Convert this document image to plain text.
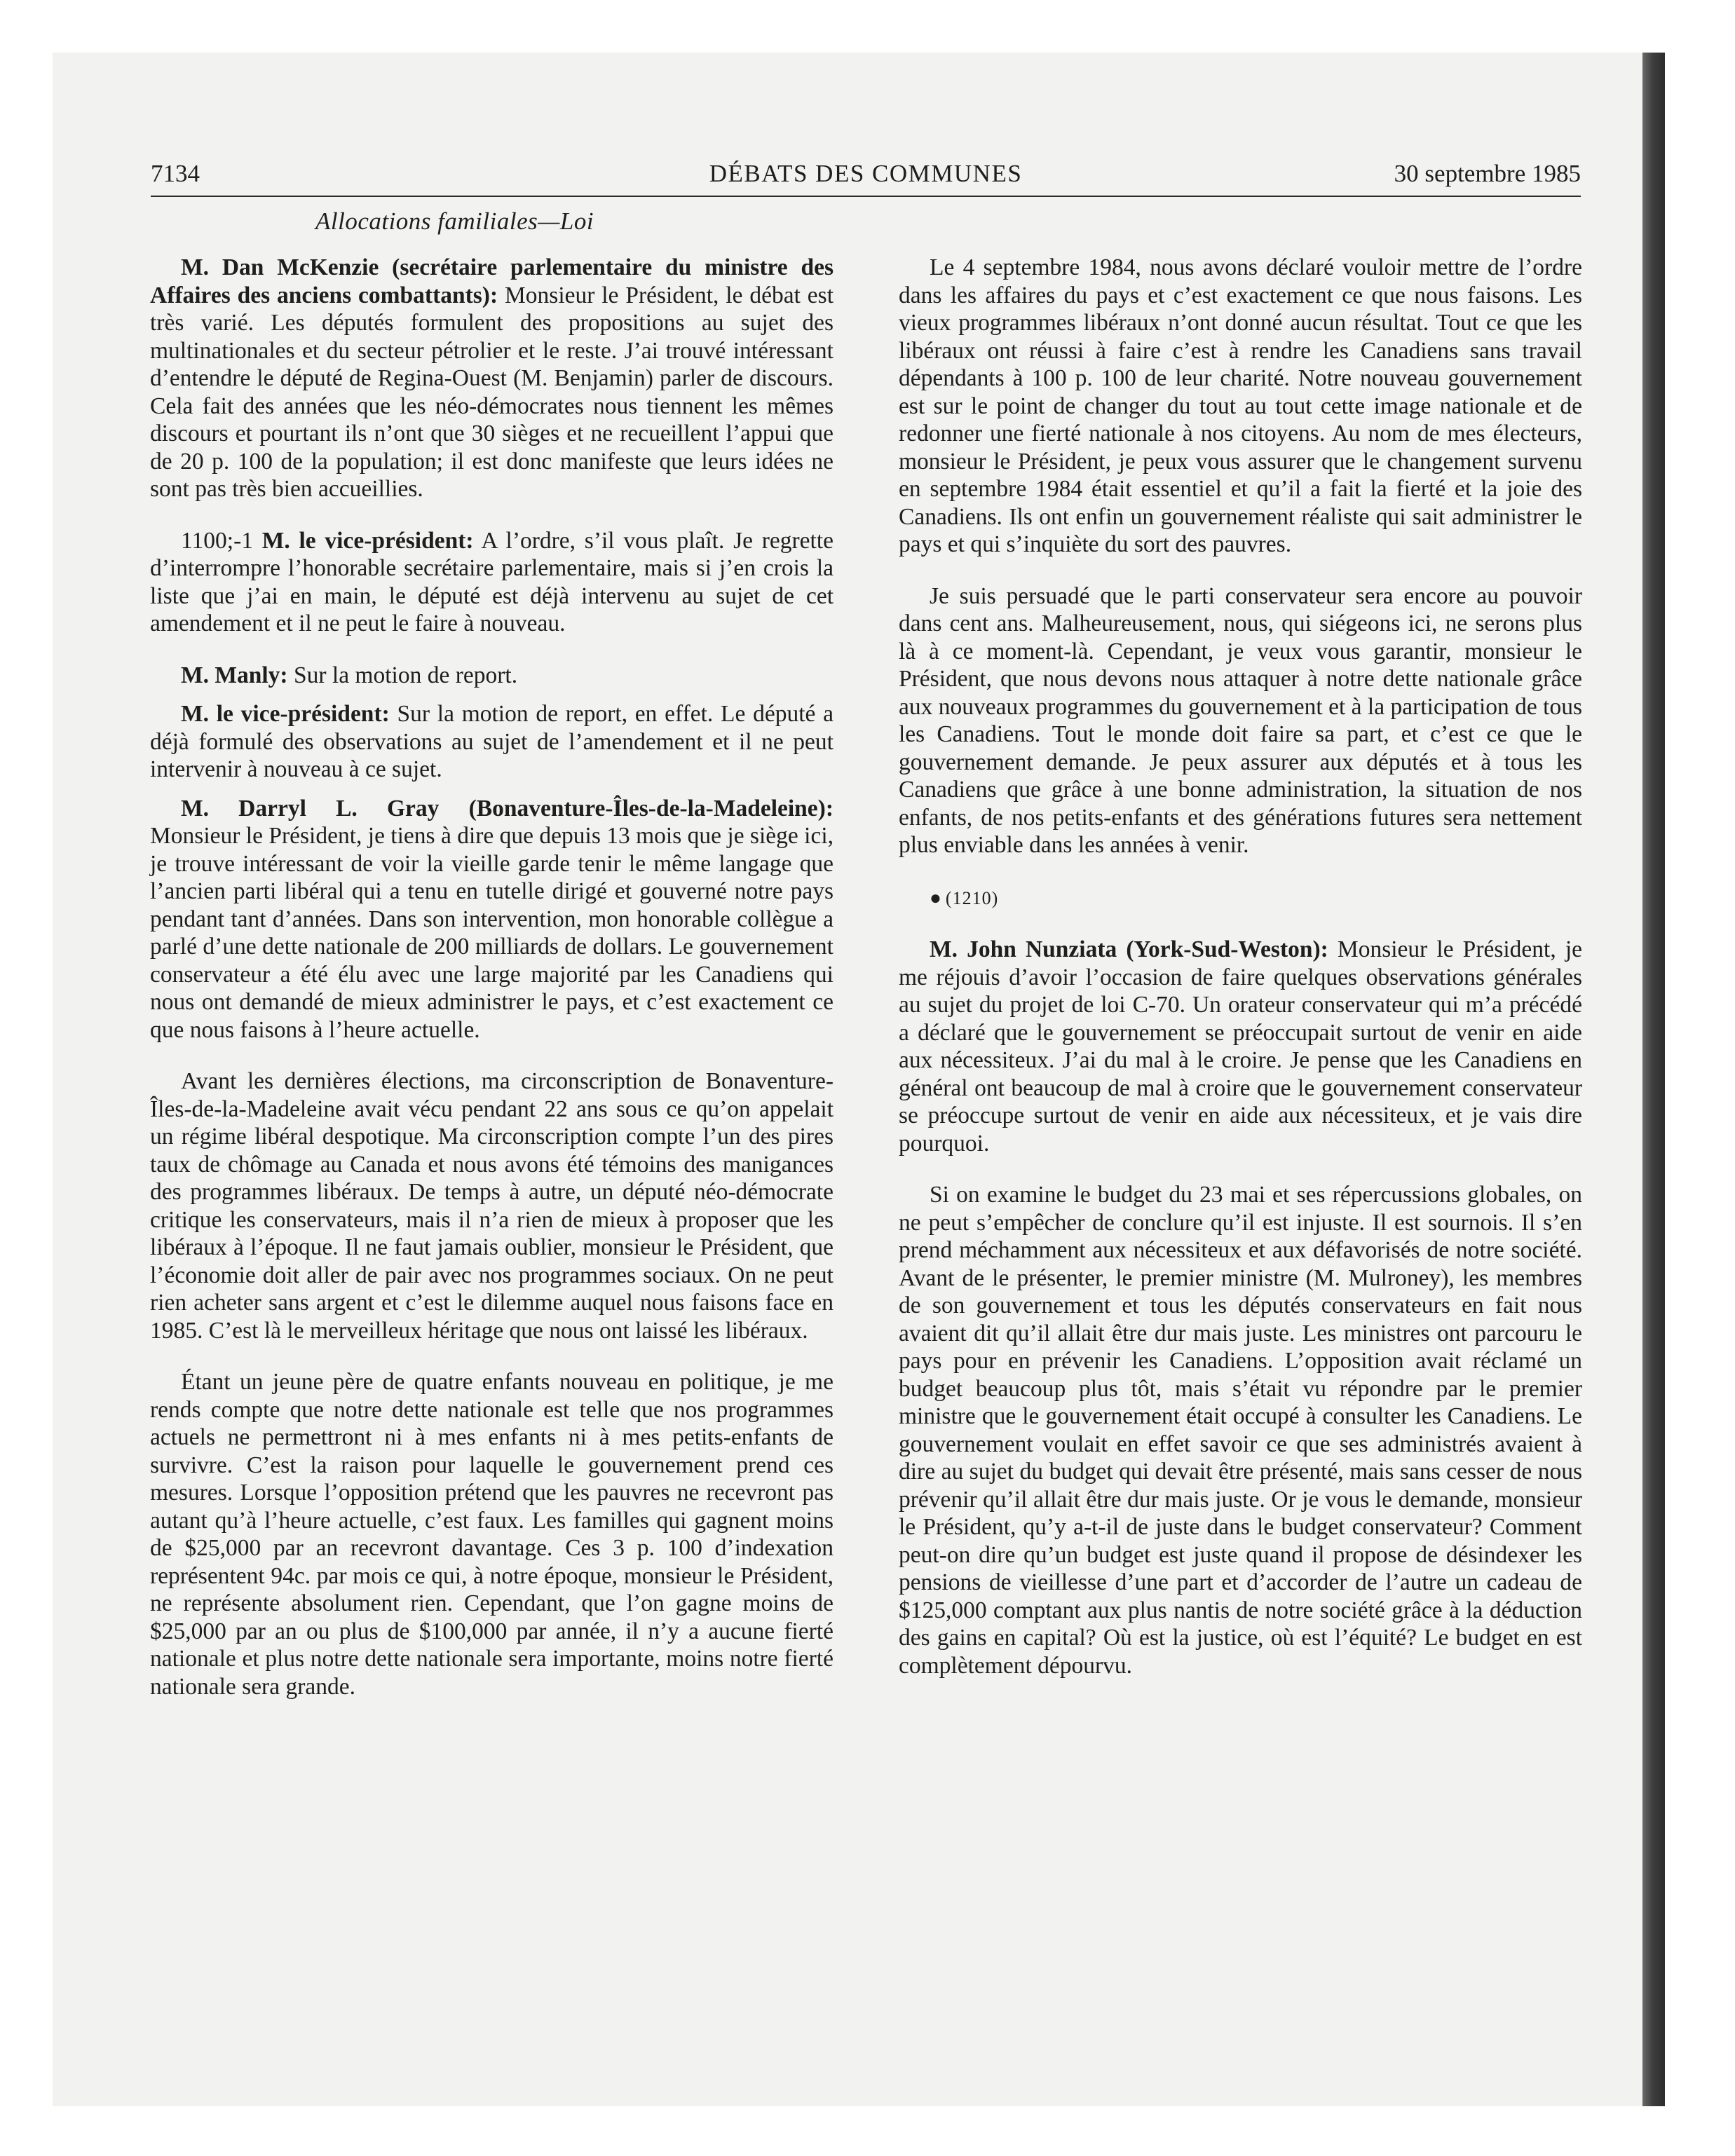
7134	DÉBATS DES COMMUNES	30 septembre 1985
Allocations familiales—Loi

M. Dan McKenzie (secrétaire parlementaire du ministre des Affaires des anciens combattants): Monsieur le Président, le débat est très varié. Les députés formulent des propositions au sujet des multinationales et du secteur pétrolier et le reste. J’ai trouvé intéressant d’entendre le député de Regina-Ouest (M. Benjamin) parler de discours. Cela fait des années que les néo-démocrates nous tiennent les mêmes discours et pourtant ils n’ont que 30 sièges et ne recueillent l’appui que de 20 p. 100 de la population; il est donc manifeste que leurs idées ne sont pas très bien accueillies.

1100;-1 M. le vice-président: A l’ordre, s’il vous plaît. Je regrette d’interrompre l’honorable secrétaire parlementaire, mais si j’en crois la liste que j’ai en main, le député est déjà intervenu au sujet de cet amendement et il ne peut le faire à nouveau.

M. Manly: Sur la motion de report.

M. le vice-président: Sur la motion de report, en effet. Le député a déjà formulé des observations au sujet de l’amendement et il ne peut intervenir à nouveau à ce sujet.

M. Darryl L. Gray (Bonaventure-Îles-de-la-Madeleine): Monsieur le Président, je tiens à dire que depuis 13 mois que je siège ici, je trouve intéressant de voir la vieille garde tenir le même langage que l’ancien parti libéral qui a tenu en tutelle dirigé et gouverné notre pays pendant tant d’années. Dans son intervention, mon honorable collègue a parlé d’une dette nationale de 200 milliards de dollars. Le gouvernement conservateur a été élu avec une large majorité par les Canadiens qui nous ont demandé de mieux administrer le pays, et c’est exactement ce que nous faisons à l’heure actuelle.

Avant les dernières élections, ma circonscription de Bonaventure-Îles-de-la-Madeleine avait vécu pendant 22 ans sous ce qu’on appelait un régime libéral despotique. Ma circonscription compte l’un des pires taux de chômage au Canada et nous avons été témoins des manigances des programmes libéraux. De temps à autre, un député néo-démocrate critique les conservateurs, mais il n’a rien de mieux à proposer que les libéraux à l’époque. Il ne faut jamais oublier, monsieur le Président, que l’économie doit aller de pair avec nos programmes sociaux. On ne peut rien acheter sans argent et c’est le dilemme auquel nous faisons face en 1985. C’est là le merveilleux héritage que nous ont laissé les libéraux.

Étant un jeune père de quatre enfants nouveau en politique, je me rends compte que notre dette nationale est telle que nos programmes actuels ne permettront ni à mes enfants ni à mes petits-enfants de survivre. C’est la raison pour laquelle le gouvernement prend ces mesures. Lorsque l’opposition prétend que les pauvres ne recevront pas autant qu’à l’heure actuelle, c’est faux. Les familles qui gagnent moins de $25,000 par an recevront davantage. Ces 3 p. 100 d’indexation représentent 94c. par mois ce qui, à notre époque, monsieur le Président, ne représente absolument rien. Cependant, que l’on gagne moins de $25,000 par an ou plus de $100,000 par année, il n’y a aucune fierté nationale et plus notre dette nationale sera importante, moins notre fierté nationale sera grande.

Le 4 septembre 1984, nous avons déclaré vouloir mettre de l’ordre dans les affaires du pays et c’est exactement ce que nous faisons. Les vieux programmes libéraux n’ont donné aucun résultat. Tout ce que les libéraux ont réussi à faire c’est à rendre les Canadiens sans travail dépendants à 100 p. 100 de leur charité. Notre nouveau gouvernement est sur le point de changer du tout au tout cette image nationale et de redonner une fierté nationale à nos citoyens. Au nom de mes électeurs, monsieur le Président, je peux vous assurer que le changement survenu en septembre 1984 était essentiel et qu’il a fait la fierté et la joie des Canadiens. Ils ont enfin un gouvernement réaliste qui sait administrer le pays et qui s’inquiète du sort des pauvres.

Je suis persuadé que le parti conservateur sera encore au pouvoir dans cent ans. Malheureusement, nous, qui siégeons ici, ne serons plus là à ce moment-là. Cependant, je veux vous garantir, monsieur le Président, que nous devons nous attaquer à notre dette nationale grâce aux nouveaux programmes du gouvernement et à la participation de tous les Canadiens. Tout le monde doit faire sa part, et c’est ce que le gouvernement demande. Je peux assurer aux députés et à tous les Canadiens que grâce à une bonne administration, la situation de nos enfants, de nos petits-enfants et des générations futures sera nettement plus enviable dans les années à venir.

● (1210)

M. John Nunziata (York-Sud-Weston): Monsieur le Président, je me réjouis d’avoir l’occasion de faire quelques observations générales au sujet du projet de loi C-70. Un orateur conservateur qui m’a précédé a déclaré que le gouvernement se préoccupait surtout de venir en aide aux nécessiteux. J’ai du mal à le croire. Je pense que les Canadiens en général ont beaucoup de mal à croire que le gouvernement conservateur se préoccupe surtout de venir en aide aux nécessiteux, et je vais dire pourquoi.

Si on examine le budget du 23 mai et ses répercussions globales, on ne peut s’empêcher de conclure qu’il est injuste. Il est sournois. Il s’en prend méchamment aux nécessiteux et aux défavorisés de notre société. Avant de le présenter, le premier ministre (M. Mulroney), les membres de son gouvernement et tous les députés conservateurs en fait nous avaient dit qu’il allait être dur mais juste. Les ministres ont parcouru le pays pour en prévenir les Canadiens. L’opposition avait réclamé un budget beaucoup plus tôt, mais s’était vu répondre par le premier ministre que le gouvernement était occupé à consulter les Canadiens. Le gouvernement voulait en effet savoir ce que ses administrés avaient à dire au sujet du budget qui devait être présenté, mais sans cesser de nous prévenir qu’il allait être dur mais juste. Or je vous le demande, monsieur le Président, qu’y a-t-il de juste dans le budget conservateur? Comment peut-on dire qu’un budget est juste quand il propose de désindexer les pensions de vieillesse d’une part et d’accorder de l’autre un cadeau de $125,000 comptant aux plus nantis de notre société grâce à la déduction des gains en capital? Où est la justice, où est l’équité? Le budget en est complètement dépourvu.
